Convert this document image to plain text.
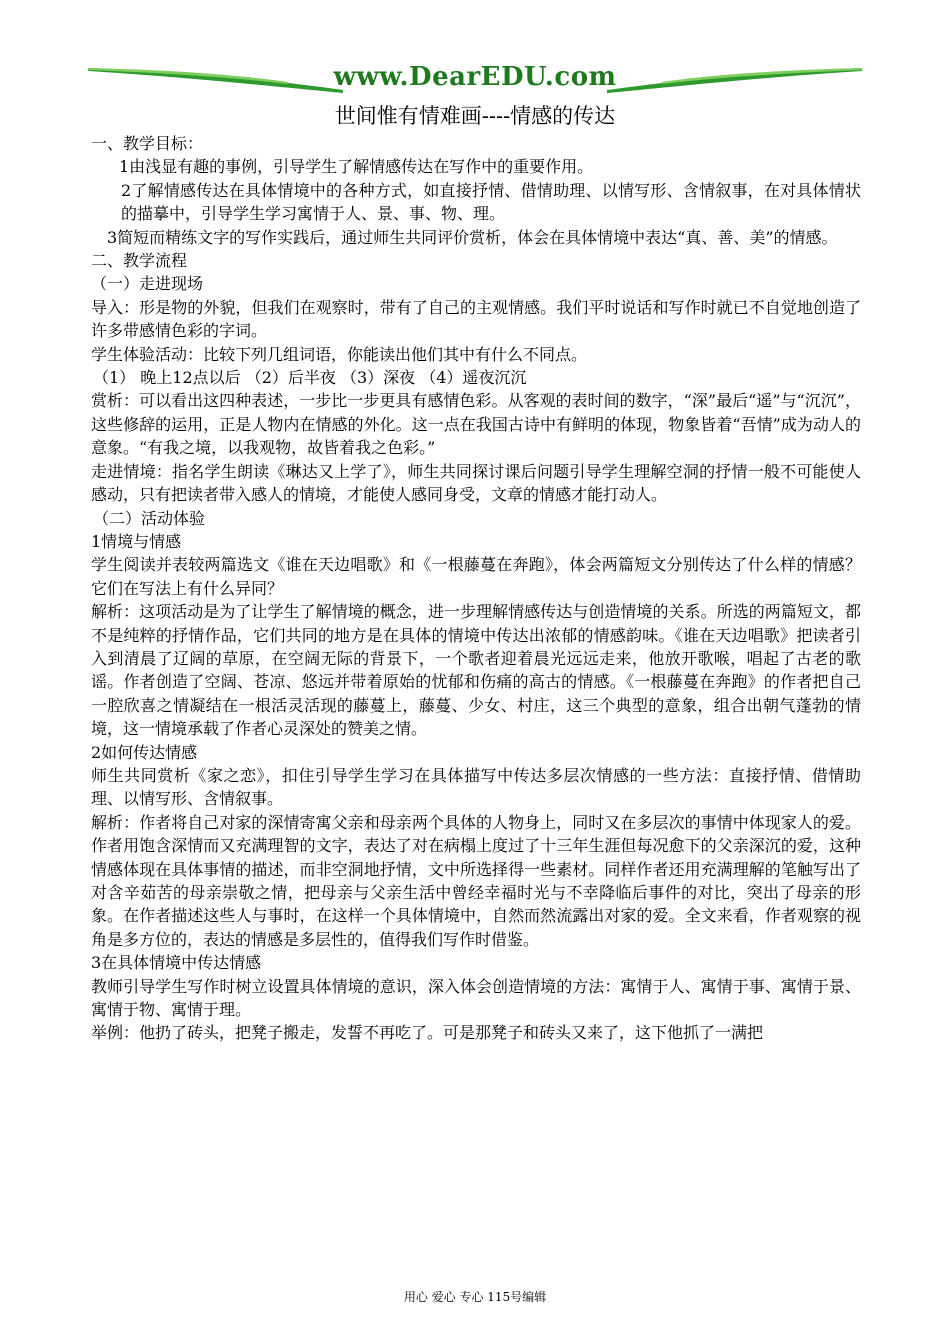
www.DearEDU.com
世间惟有情难画----情感的传达

一、教学目标：

1由浅显有趣的事例，引导学生了解情感传达在写作中的重要作用。

2了解情感传达在具体情境中的各种方式，如直接抒情、借情助理、以情写形、含情叙事，在对具体情状的描摹中，引导学生学习寓情于人、景、事、物、理。

3简短而精练文字的写作实践后，通过师生共同评价赏析，体会在具体情境中表达“真、善、美”的情感。

二、教学流程

（一）走进现场

导入：形是物的外貌，但我们在观察时，带有了自己的主观情感。我们平时说话和写作时就已不自觉地创造了许多带感情色彩的字词。

学生体验活动：比较下列几组词语，你能读出他们其中有什么不同点。

（1） 晚上12点以后 （2）后半夜 （3）深夜 （4）遥夜沉沉

赏析：可以看出这四种表述，一步比一步更具有感情色彩。从客观的表时间的数字，“深”最后“遥”与“沉沉”，这些修辞的运用，正是人物内在情感的外化。这一点在我国古诗中有鲜明的体现，物象皆着“吾情”成为动人的意象。“有我之境，以我观物，故皆着我之色彩。”

走进情境：指名学生朗读《琳达又上学了》，师生共同探讨课后问题引导学生理解空洞的抒情一般不可能使人感动，只有把读者带入感人的情境，才能使人感同身受，文章的情感才能打动人。

（二）活动体验

1情境与情感

学生阅读并表较两篇选文《谁在天边唱歌》和《一根藤蔓在奔跑》，体会两篇短文分别传达了什么样的情感？它们在写法上有什么异同？

解析：这项活动是为了让学生了解情境的概念，进一步理解情感传达与创造情境的关系。所选的两篇短文，都不是纯粹的抒情作品，它们共同的地方是在具体的情境中传达出浓郁的情感韵味。《谁在天边唱歌》把读者引入到清晨了辽阔的草原，在空阔无际的背景下，一个歌者迎着晨光远远走来，他放开歌喉，唱起了古老的歌谣。作者创造了空阔、苍凉、悠远并带着原始的忧郁和伤痛的高古的情感。《一根藤蔓在奔跑》的作者把自己一腔欣喜之情凝结在一根活灵活现的藤蔓上，藤蔓、少女、村庄，这三个典型的意象，组合出朝气蓬勃的情境，这一情境承载了作者心灵深处的赞美之情。

2如何传达情感

师生共同赏析《家之恋》，扣住引导学生学习在具体描写中传达多层次情感的一些方法：直接抒情、借情助理、以情写形、含情叙事。

解析：作者将自己对家的深情寄寓父亲和母亲两个具体的人物身上，同时又在多层次的事情中体现家人的爱。作者用饱含深情而又充满理智的文字，表达了对在病榻上度过了十三年生涯但每况愈下的父亲深沉的爱，这种情感体现在具体事情的描述，而非空洞地抒情，文中所选择得一些素材。同样作者还用充满理解的笔触写出了对含辛茹苦的母亲崇敬之情，把母亲与父亲生活中曾经幸福时光与不幸降临后事件的对比，突出了母亲的形象。在作者描述这些人与事时，在这样一个具体情境中，自然而然流露出对家的爱。全文来看，作者观察的视角是多方位的，表达的情感是多层性的，值得我们写作时借鉴。

3在具体情境中传达情感

教师引导学生写作时树立设置具体情境的意识，深入体会创造情境的方法：寓情于人、寓情于事、寓情于景、寓情于物、寓情于理。

举例：他扔了砖头，把凳子搬走，发誓不再吃了。可是那凳子和砖头又来了，这下他抓了一满把

用心 爱心 专心 115号编辑
